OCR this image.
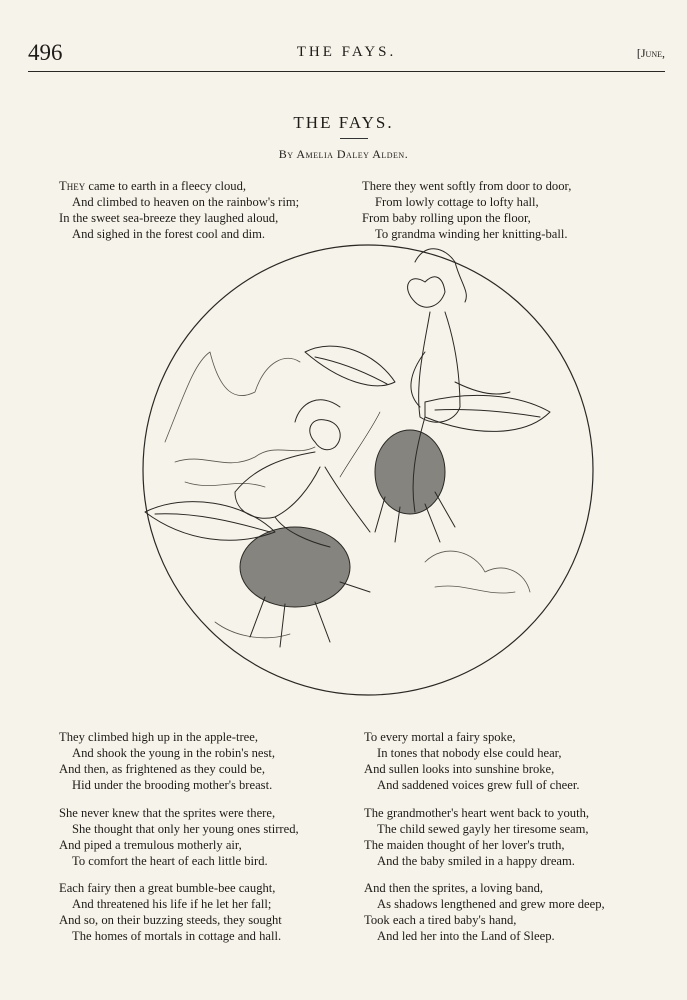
496	THE FAYS.	[June,
THE FAYS.
By Amelia Daley Alden.
They came to earth in a fleecy cloud,
And climbed to heaven on the rainbow's rim;
In the sweet sea-breeze they laughed aloud,
And sighed in the forest cool and dim.
There they went softly from door to door,
From lowly cottage to lofty hall,
From baby rolling upon the floor,
To grandma winding her knitting-ball.
They climbed high up in the apple-tree,
And shook the young in the robin's nest,
And then, as frightened as they could be,
Hid under the brooding mother's breast.
She never knew that the sprites were there,
She thought that only her young ones stirred,
And piped a tremulous motherly air,
To comfort the heart of each little bird.
Each fairy then a great bumble-bee caught,
And threatened his life if he let her fall;
And so, on their buzzing steeds, they sought
The homes of mortals in cottage and hall.
To every mortal a fairy spoke,
In tones that nobody else could hear,
And sullen looks into sunshine broke,
And saddened voices grew full of cheer.
The grandmother's heart went back to youth,
The child sewed gayly her tiresome seam,
The maiden thought of her lover's truth,
And the baby smiled in a happy dream.
And then the sprites, a loving band,
As shadows lengthened and grew more deep,
Took each a tired baby's hand,
And led her into the Land of Sleep.
